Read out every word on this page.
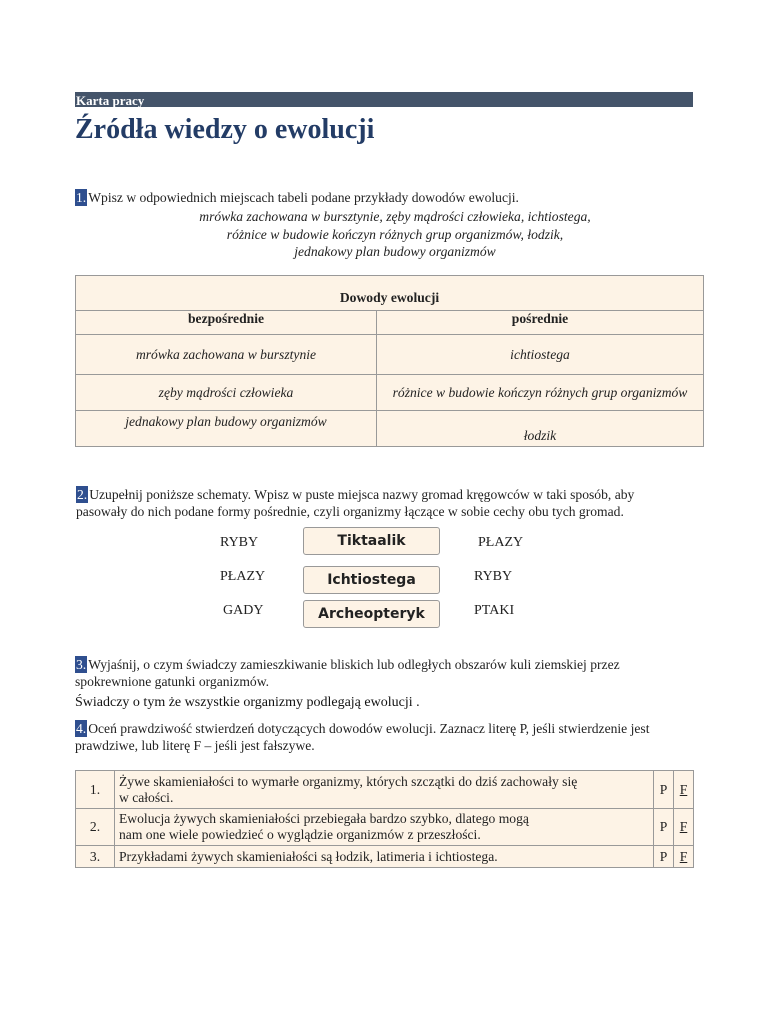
Karta pracy
Źródła wiedzy o ewolucji
1. Wpisz w odpowiednich miejscach tabeli podane przykłady dowodów ewolucji.
mrówka zachowana w bursztynie, zęby mądrości człowieka, ichtiostega,
różnice w budowie kończyn różnych grup organizmów, łodzik,
jednakowy plan budowy organizmów
Dowody ewolucji	
bezpośrednie	pośrednie
mrówka zachowana w bursztynie	ichtiostega
zęby mądrości człowieka	różnice w budowie kończyn różnych grup organizmów
jednakowy plan budowy organizmów	łodzik
2. Uzupełnij poniższe schematy. Wpisz w puste miejsca nazwy gromad kręgowców w taki sposób, aby
pasowały do nich podane formy pośrednie, czyli organizmy łączące w sobie cechy obu tych gromad.
RYBY	Tiktaalik	PŁAZY
PŁAZY	Ichtiostega	RYBY
GADY	Archeopteryk	PTAKI
3. Wyjaśnij, o czym świadczy zamieszkiwanie bliskich lub odległych obszarów kuli ziemskiej przez
spokrewnione gatunki organizmów.
Świadczy o tym że wszystkie organizmy podlegają ewolucji .
4. Oceń prawdziwość stwierdzeń dotyczących dowodów ewolucji. Zaznacz literę P, jeśli stwierdzenie jest
prawdziwe, lub literę F – jeśli jest fałszywe.
1.	Żywe skamieniałości to wymarłe organizmy, których szczątki do dziś zachowały się
w całości.	P	F
2.	Ewolucja żywych skamieniałości przebiegała bardzo szybko, dlatego mogą
nam one wiele powiedzieć o wyglądzie organizmów z przeszłości.	P	F
3.	Przykładami żywych skamieniałości są łodzik, latimeria i ichtiostega.	P	F
